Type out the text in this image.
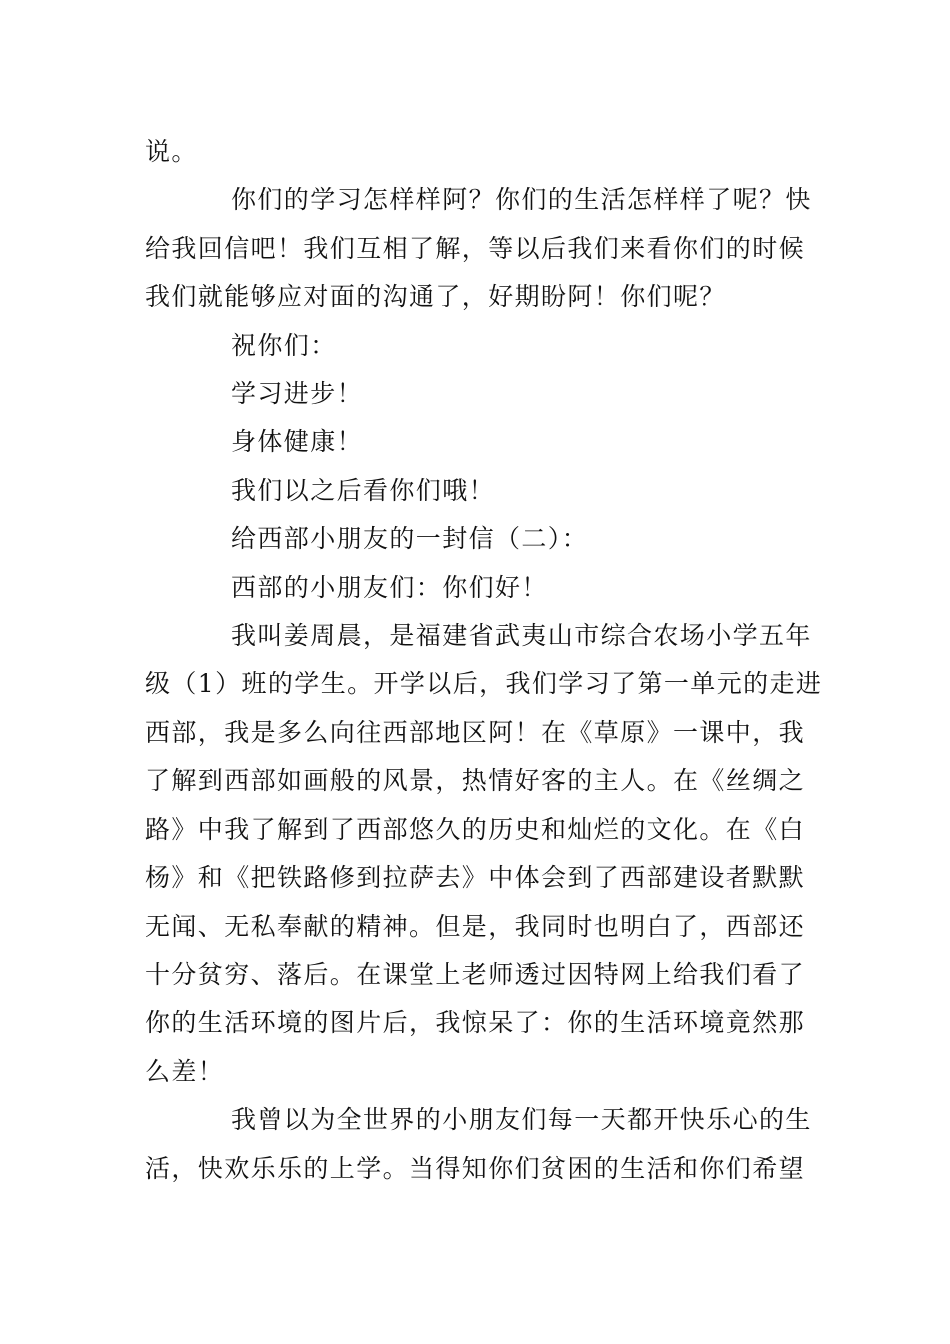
说。

你们的学习怎样样阿？你们的生活怎样样了呢？快

给我回信吧！我们互相了解，等以后我们来看你们的时候

我们就能够应对面的沟通了，好期盼阿！你们呢？

祝你们：

学习进步！

身体健康！

我们以之后看你们哦！

给西部小朋友的一封信（二）：

西部的小朋友们：你们好！

我叫姜周晨，是福建省武夷山市综合农场小学五年

级（1）班的学生。开学以后，我们学习了第一单元的走进

西部，我是多么向往西部地区阿！在《草原》一课中，我

了解到西部如画般的风景，热情好客的主人。在《丝绸之

路》中我了解到了西部悠久的历史和灿烂的文化。在《白

杨》和《把铁路修到拉萨去》中体会到了西部建设者默默

无闻、无私奉献的精神。但是，我同时也明白了，西部还

十分贫穷、落后。在课堂上老师透过因特网上给我们看了

你的生活环境的图片后，我惊呆了：你的生活环境竟然那

么差！

我曾以为全世界的小朋友们每一天都开快乐心的生

活，快欢乐乐的上学。当得知你们贫困的生活和你们希望
